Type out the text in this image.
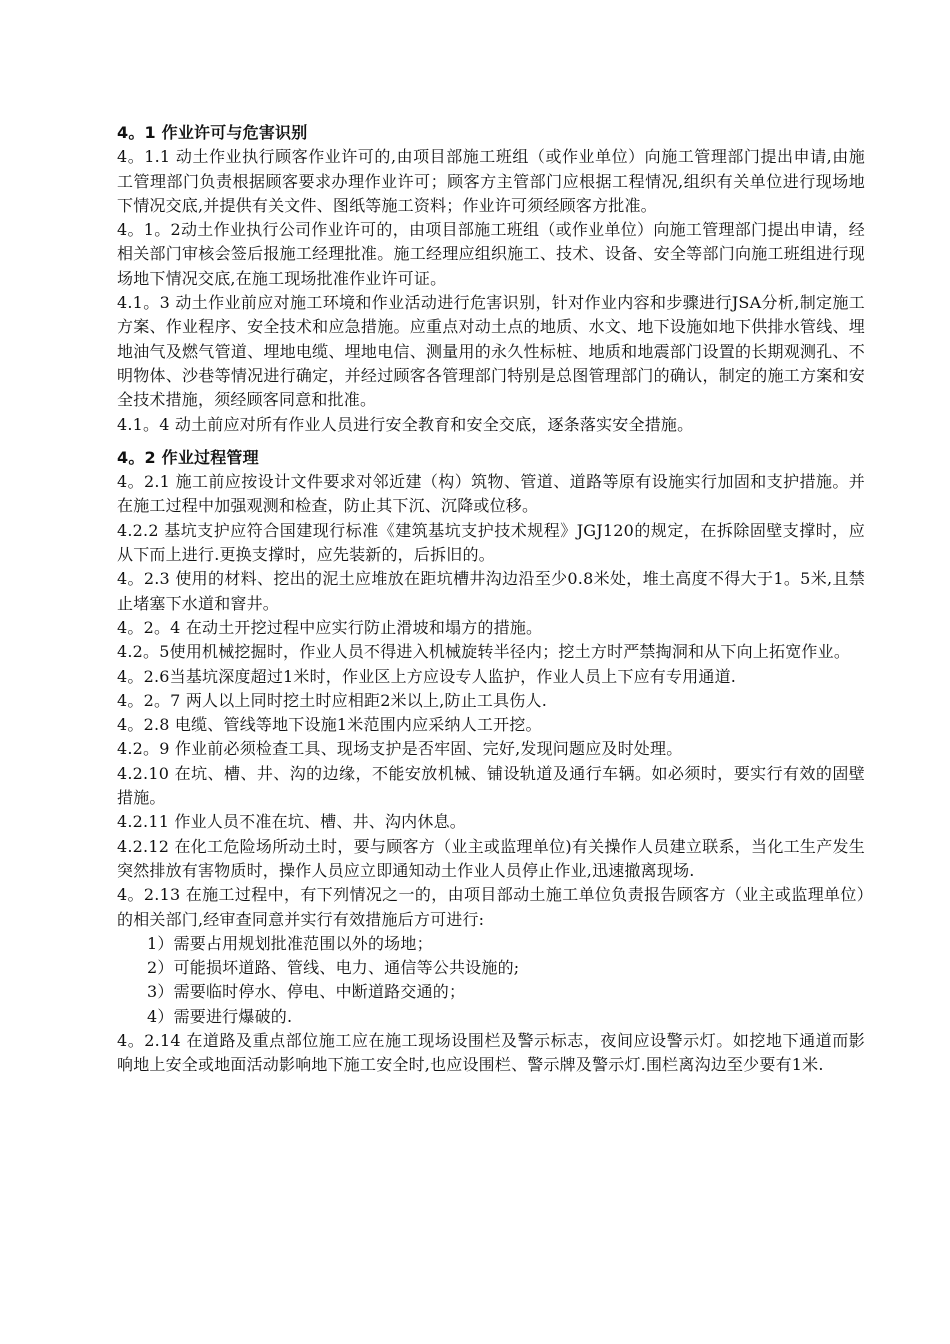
4。1 作业许可与危害识别

4。1.1 动土作业执行顾客作业许可的,由项目部施工班组（或作业单位）向施工管理部门提出申请,由施工管理部门负责根据顾客要求办理作业许可；顾客方主管部门应根据工程情况,组织有关单位进行现场地下情况交底,并提供有关文件、图纸等施工资料；作业许可须经顾客方批准。

4。1。2动土作业执行公司作业许可的，由项目部施工班组（或作业单位）向施工管理部门提出申请，经相关部门审核会签后报施工经理批准。施工经理应组织施工、技术、设备、安全等部门向施工班组进行现场地下情况交底,在施工现场批准作业许可证。

4.1。3 动土作业前应对施工环境和作业活动进行危害识别，针对作业内容和步骤进行JSA分析,制定施工方案、作业程序、安全技术和应急措施。应重点对动土点的地质、水文、地下设施如地下供排水管线、埋地油气及燃气管道、埋地电缆、埋地电信、测量用的永久性标桩、地质和地震部门设置的长期观测孔、不明物体、沙巷等情况进行确定，并经过顾客各管理部门特别是总图管理部门的确认，制定的施工方案和安全技术措施，须经顾客同意和批准。

4.1。4 动土前应对所有作业人员进行安全教育和安全交底，逐条落实安全措施。

4。2 作业过程管理

4。2.1 施工前应按设计文件要求对邻近建（构）筑物、管道、道路等原有设施实行加固和支护措施。并在施工过程中加强观测和检查，防止其下沉、沉降或位移。

4.2.2 基坑支护应符合国建现行标准《建筑基坑支护技术规程》JGJ120的规定，在拆除固壁支撑时，应从下而上进行.更换支撑时，应先装新的，后拆旧的。

4。2.3 使用的材料、挖出的泥土应堆放在距坑槽井沟边沿至少0.8米处，堆土高度不得大于1。5米,且禁止堵塞下水道和窨井。

4。2。4 在动土开挖过程中应实行防止滑坡和塌方的措施。

4.2。5使用机械挖掘时，作业人员不得进入机械旋转半径内；挖土方时严禁掏洞和从下向上拓宽作业。

4。2.6当基坑深度超过1米时，作业区上方应设专人监护，作业人员上下应有专用通道.

4。2。7 两人以上同时挖土时应相距2米以上,防止工具伤人.

4。2.8 电缆、管线等地下设施1米范围内应采纳人工开挖。

4.2。9 作业前必须检查工具、现场支护是否牢固、完好,发现问题应及时处理。

4.2.10 在坑、槽、井、沟的边缘，不能安放机械、铺设轨道及通行车辆。如必须时，要实行有效的固壁措施。

4.2.11 作业人员不准在坑、槽、井、沟内休息。

4.2.12 在化工危险场所动土时，要与顾客方（业主或监理单位)有关操作人员建立联系，当化工生产发生突然排放有害物质时，操作人员应立即通知动土作业人员停止作业,迅速撤离现场.

4。2.13 在施工过程中，有下列情况之一的，由项目部动土施工单位负责报告顾客方（业主或监理单位）的相关部门,经审查同意并实行有效措施后方可进行:

1）需要占用规划批准范围以外的场地；

2）可能损坏道路、管线、电力、通信等公共设施的;

3）需要临时停水、停电、中断道路交通的；

4）需要进行爆破的.

4。2.14 在道路及重点部位施工应在施工现场设围栏及警示标志，夜间应设警示灯。如挖地下通道而影响地上安全或地面活动影响地下施工安全时,也应设围栏、警示牌及警示灯.围栏离沟边至少要有1米.
